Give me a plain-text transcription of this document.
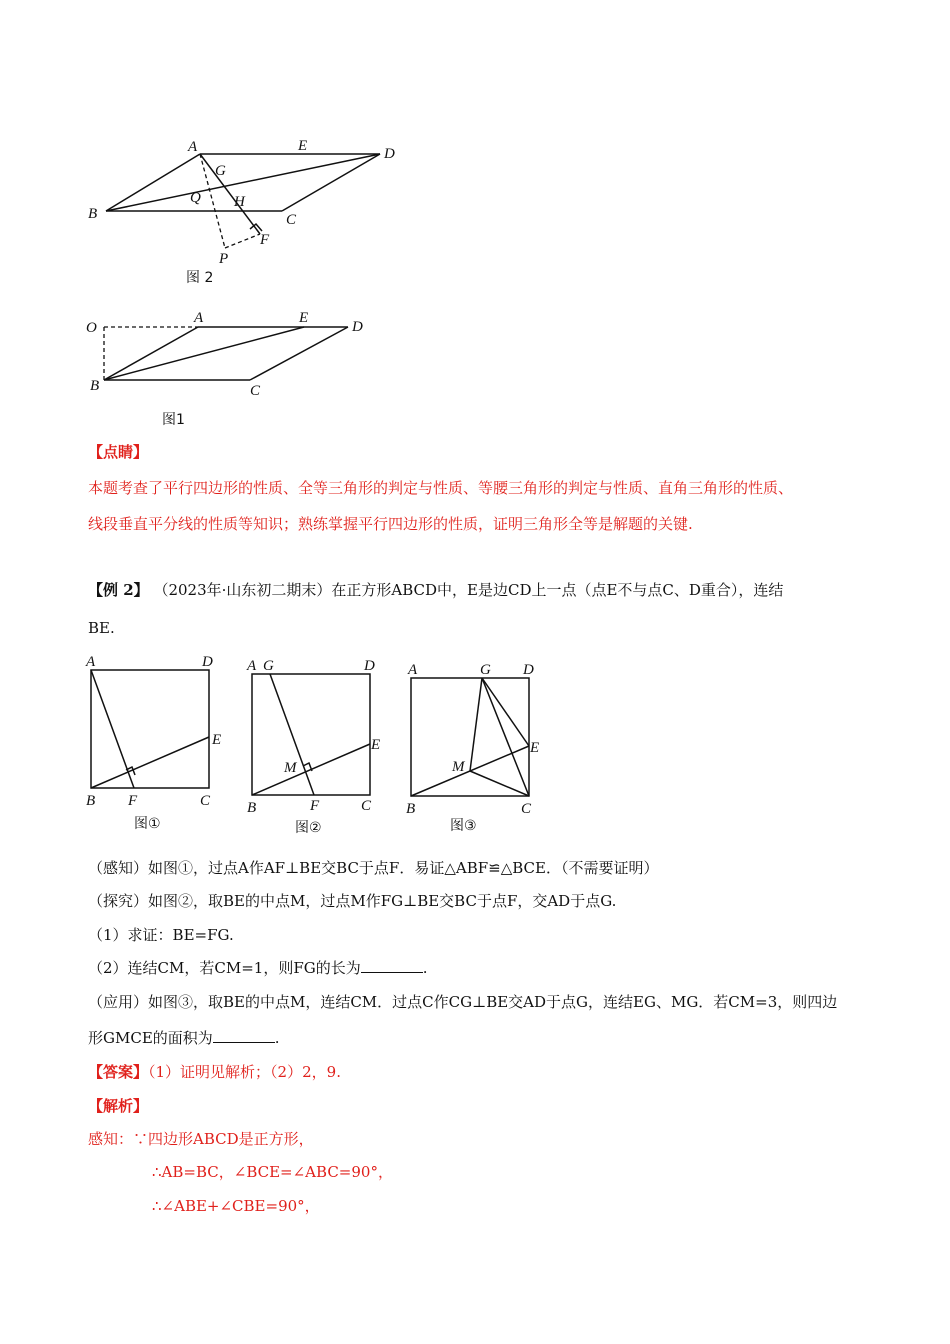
A	E	D
G
Q H
B	C
F
P
图 2
O
A	E
D
B	C
图1
【点睛】
本题考查了平行四边形的性质、全等三角形的判定与性质、等腰三角形的判定与性质、直角三角形的性质、
线段垂直平分线的性质等知识；熟练掌握平行四边形的性质，证明三角形全等是解题的关键.
【例 2】 （2023年·山东初二期末）在正方形ABCD中，E是边CD上一点（点E不与点C、D重合），连结
BE.
A	D
E
B F	C
图①
A G	D
E
M
B	F	C
图②
A	G D
E
M
B	C
图③
（感知）如图①，过点A作AF⊥BE交BC于点F．易证△ABF≌△BCE．（不需要证明）
（探究）如图②，取BE的中点M，过点M作FG⊥BE交BC于点F，交AD于点G.
（1）求证：BE=FG.
（2）连结CM，若CM=1，则FG的长为	.
（应用）如图③，取BE的中点M，连结CM．过点C作CG⊥BE交AD于点G，连结EG、MG．若CM=3，则四边
形GMCE的面积为	.
【答案】（1）证明见解析；（2）2，9.
【解析】
感知：∵四边形ABCD是正方形，
∴AB=BC，∠BCE=∠ABC=90°，
∴∠ABE+∠CBE=90°，
